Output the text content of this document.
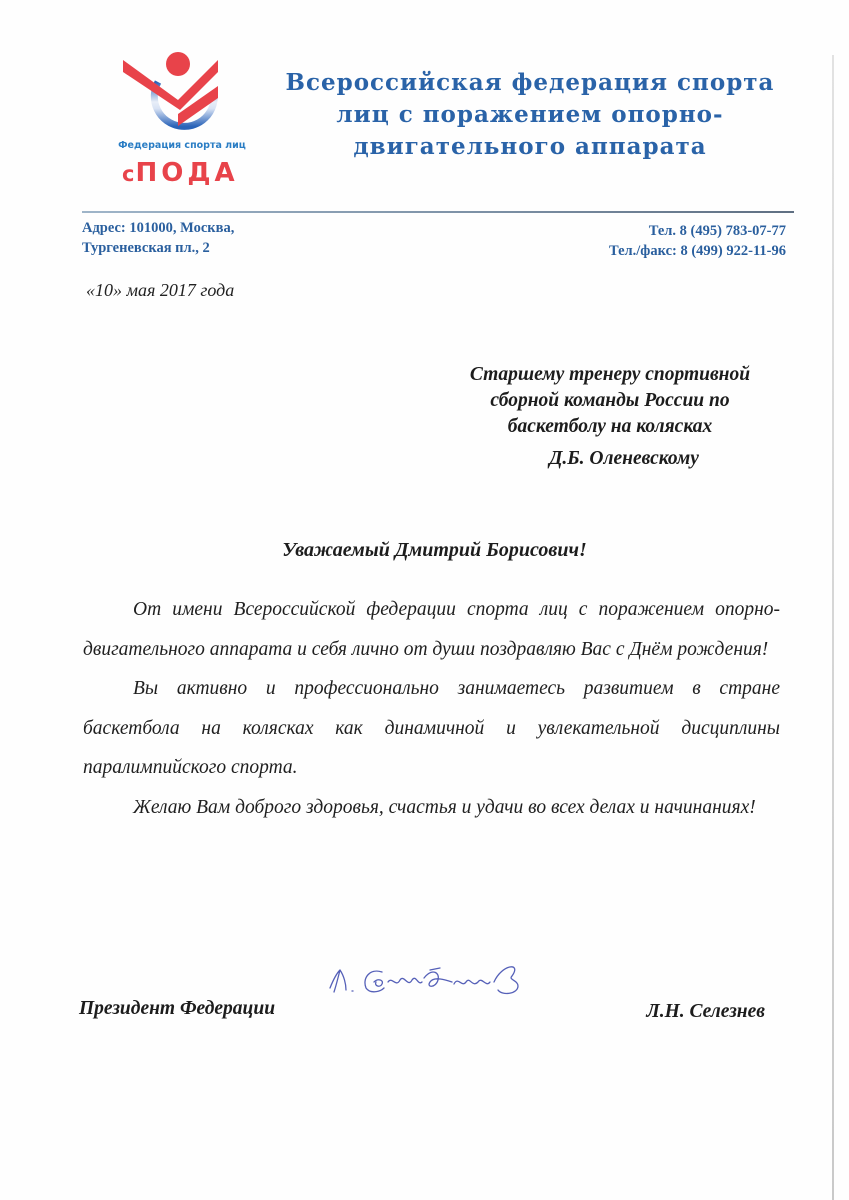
Федерация спорта лиц
сПОДА
Всероссийская федерация спорта
лиц с поражением опорно-
двигательного аппарата
Адрес: 101000, Москва,
Тургеневская пл., 2
Тел. 8 (495) 783-07-77
Тел./факс: 8 (499) 922-11-96
«10» мая 2017 года
Старшему тренеру спортивной
сборной команды России по
баскетболу на колясках
Д.Б. Оленевскому
Уважаемый Дмитрий Борисович!

От имени Всероссийской федерации спорта лиц с поражением опорно-двигательного аппарата и себя лично от души поздравляю Вас с Днём рождения!

Вы активно и профессионально занимаетесь развитием в стране баскетбола на колясках как динамичной и увлекательной дисциплины паралимпийского спорта.

Желаю Вам доброго здоровья, счастья и удачи во всех делах и начинаниях!

Президент Федерации	Л.Н. Селезнев
